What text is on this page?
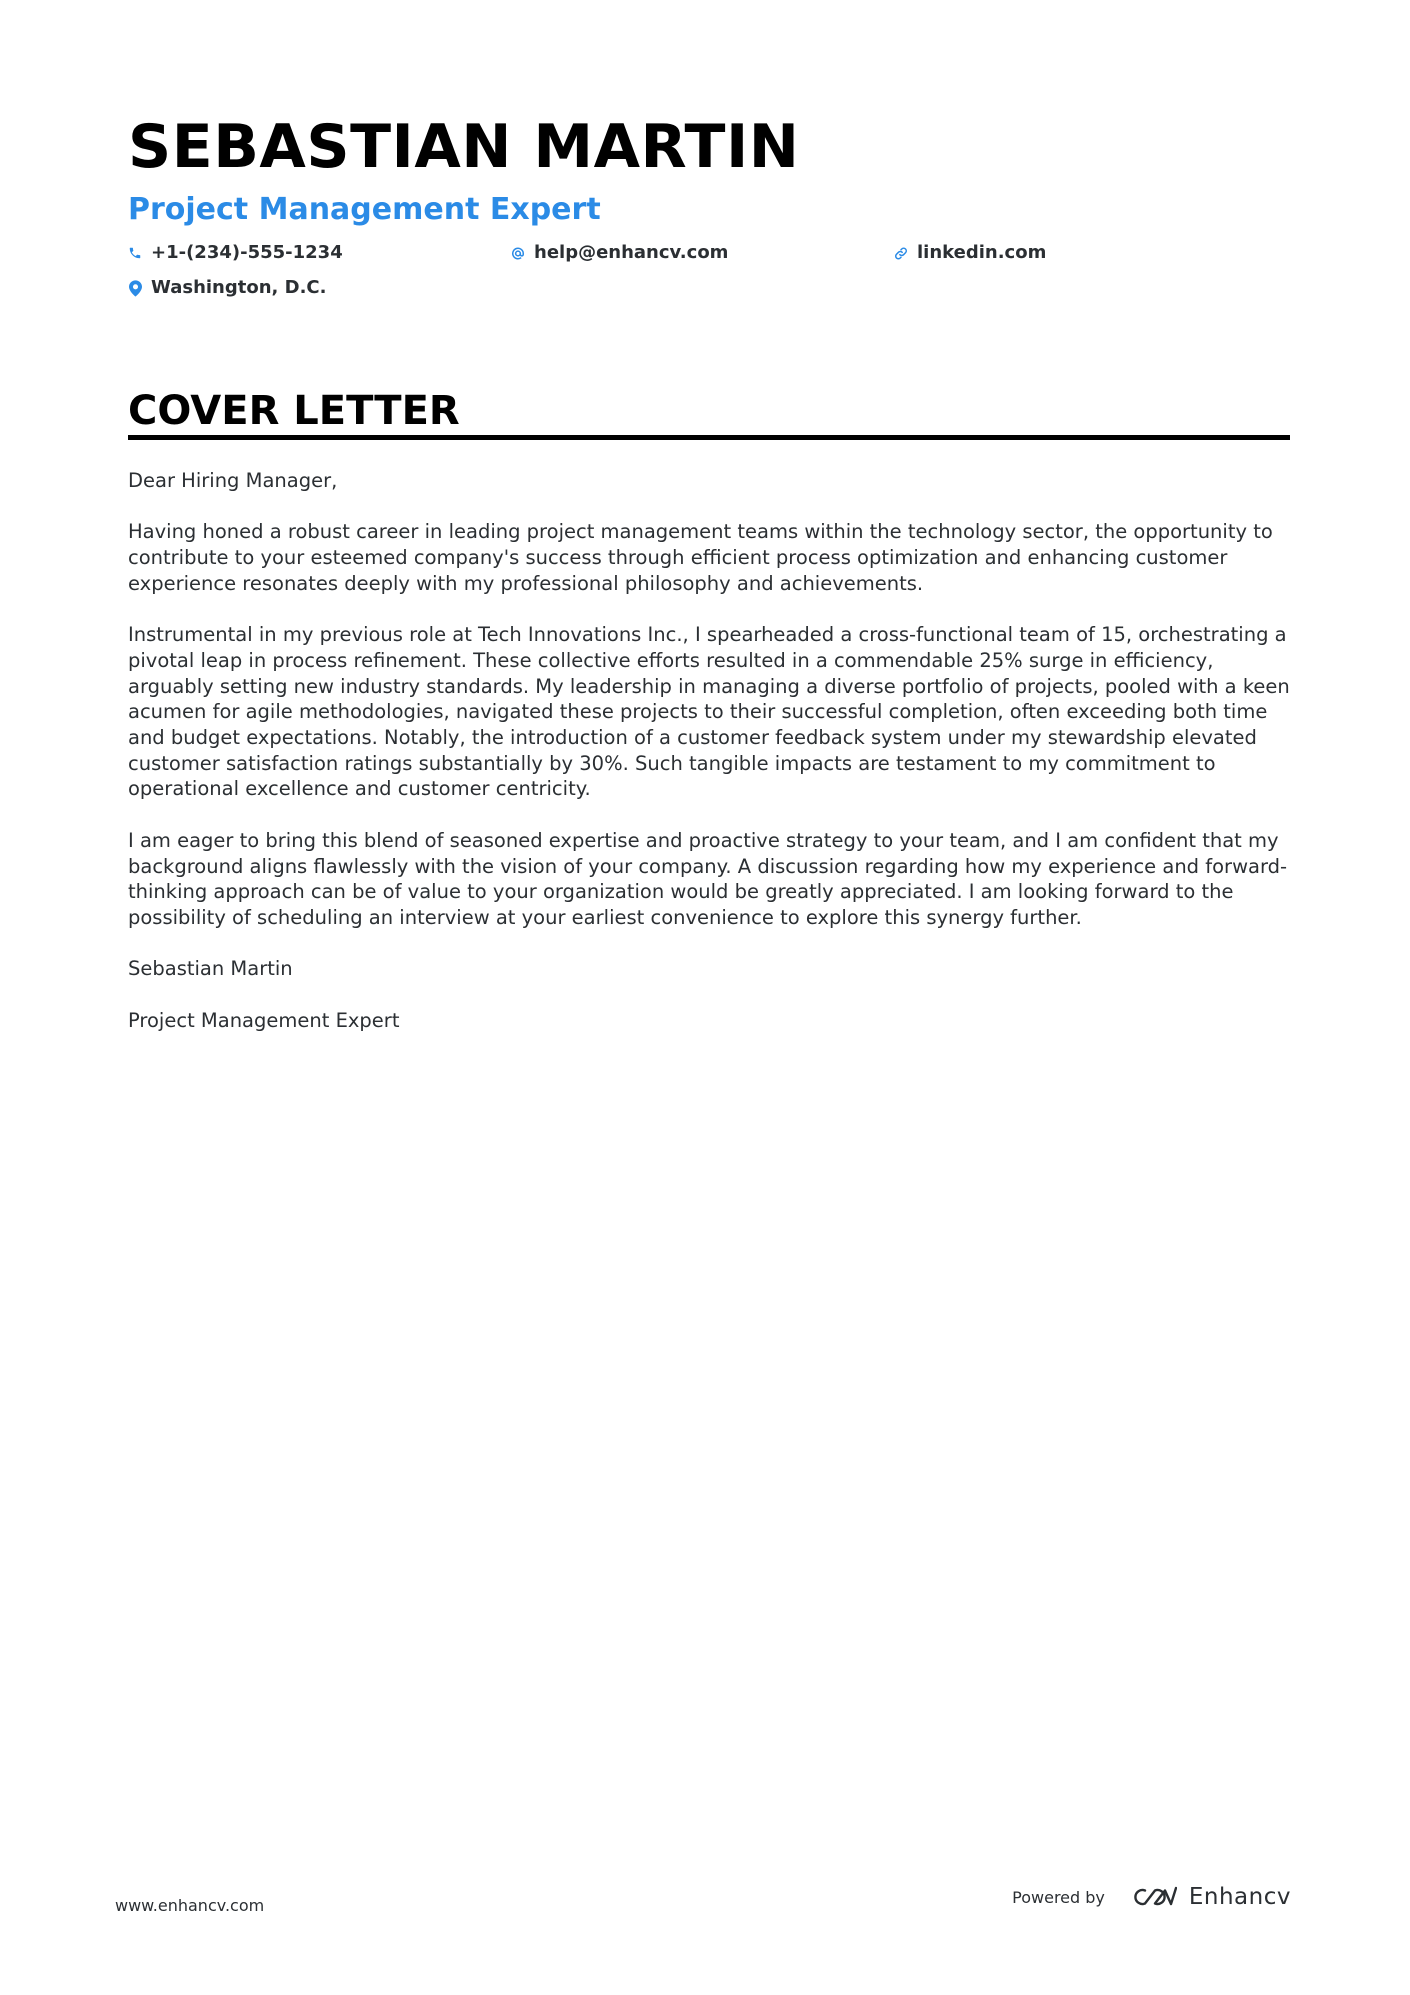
SEBASTIAN MARTIN
Project Management Expert
+1-(234)-555-1234	help@enhancv.com	linkedin.com
Washington, D.C.
COVER LETTER

Dear Hiring Manager,

Having honed a robust career in leading project management teams within the technology sector, the opportunity to contribute to your esteemed company's success through efficient process optimization and enhancing customer experience resonates deeply with my professional philosophy and achievements.

Instrumental in my previous role at Tech Innovations Inc., I spearheaded a cross-functional team of 15, orchestrating a pivotal leap in process refinement. These collective efforts resulted in a commendable 25% surge in efficiency, arguably setting new industry standards. My leadership in managing a diverse portfolio of projects, pooled with a keen acumen for agile methodologies, navigated these projects to their successful completion, often exceeding both time and budget expectations. Notably, the introduction of a customer feedback system under my stewardship elevated customer satisfaction ratings substantially by 30%. Such tangible impacts are testament to my commitment to operational excellence and customer centricity.

I am eager to bring this blend of seasoned expertise and proactive strategy to your team, and I am confident that my background aligns flawlessly with the vision of your company. A discussion regarding how my experience and forward-thinking approach can be of value to your organization would be greatly appreciated. I am looking forward to the possibility of scheduling an interview at your earliest convenience to explore this synergy further.

Sebastian Martin

Project Management Expert

www.enhancv.com	Powered by	Enhancv
